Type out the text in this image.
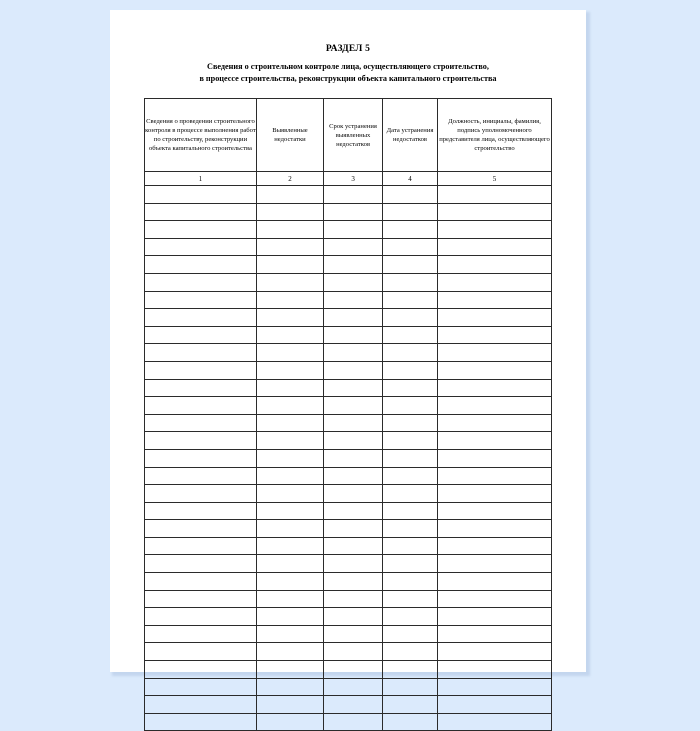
РАЗДЕЛ 5
Сведения о строительном контроле лица, осуществляющего строительство,
в процессе строительства, реконструкции объекта капитального строительства
Сведения о проведении строительного контроля в процессе выполнения работ по строительству, реконструкции объекта капитального строительства	Выявленные недостатки	Срок устранения выявленных недостатков	Дата устранения недостатков	Должность, инициалы, фамилия, подпись уполномоченного представителя лица, осуществляющего строительство
1	2	3	4	5
